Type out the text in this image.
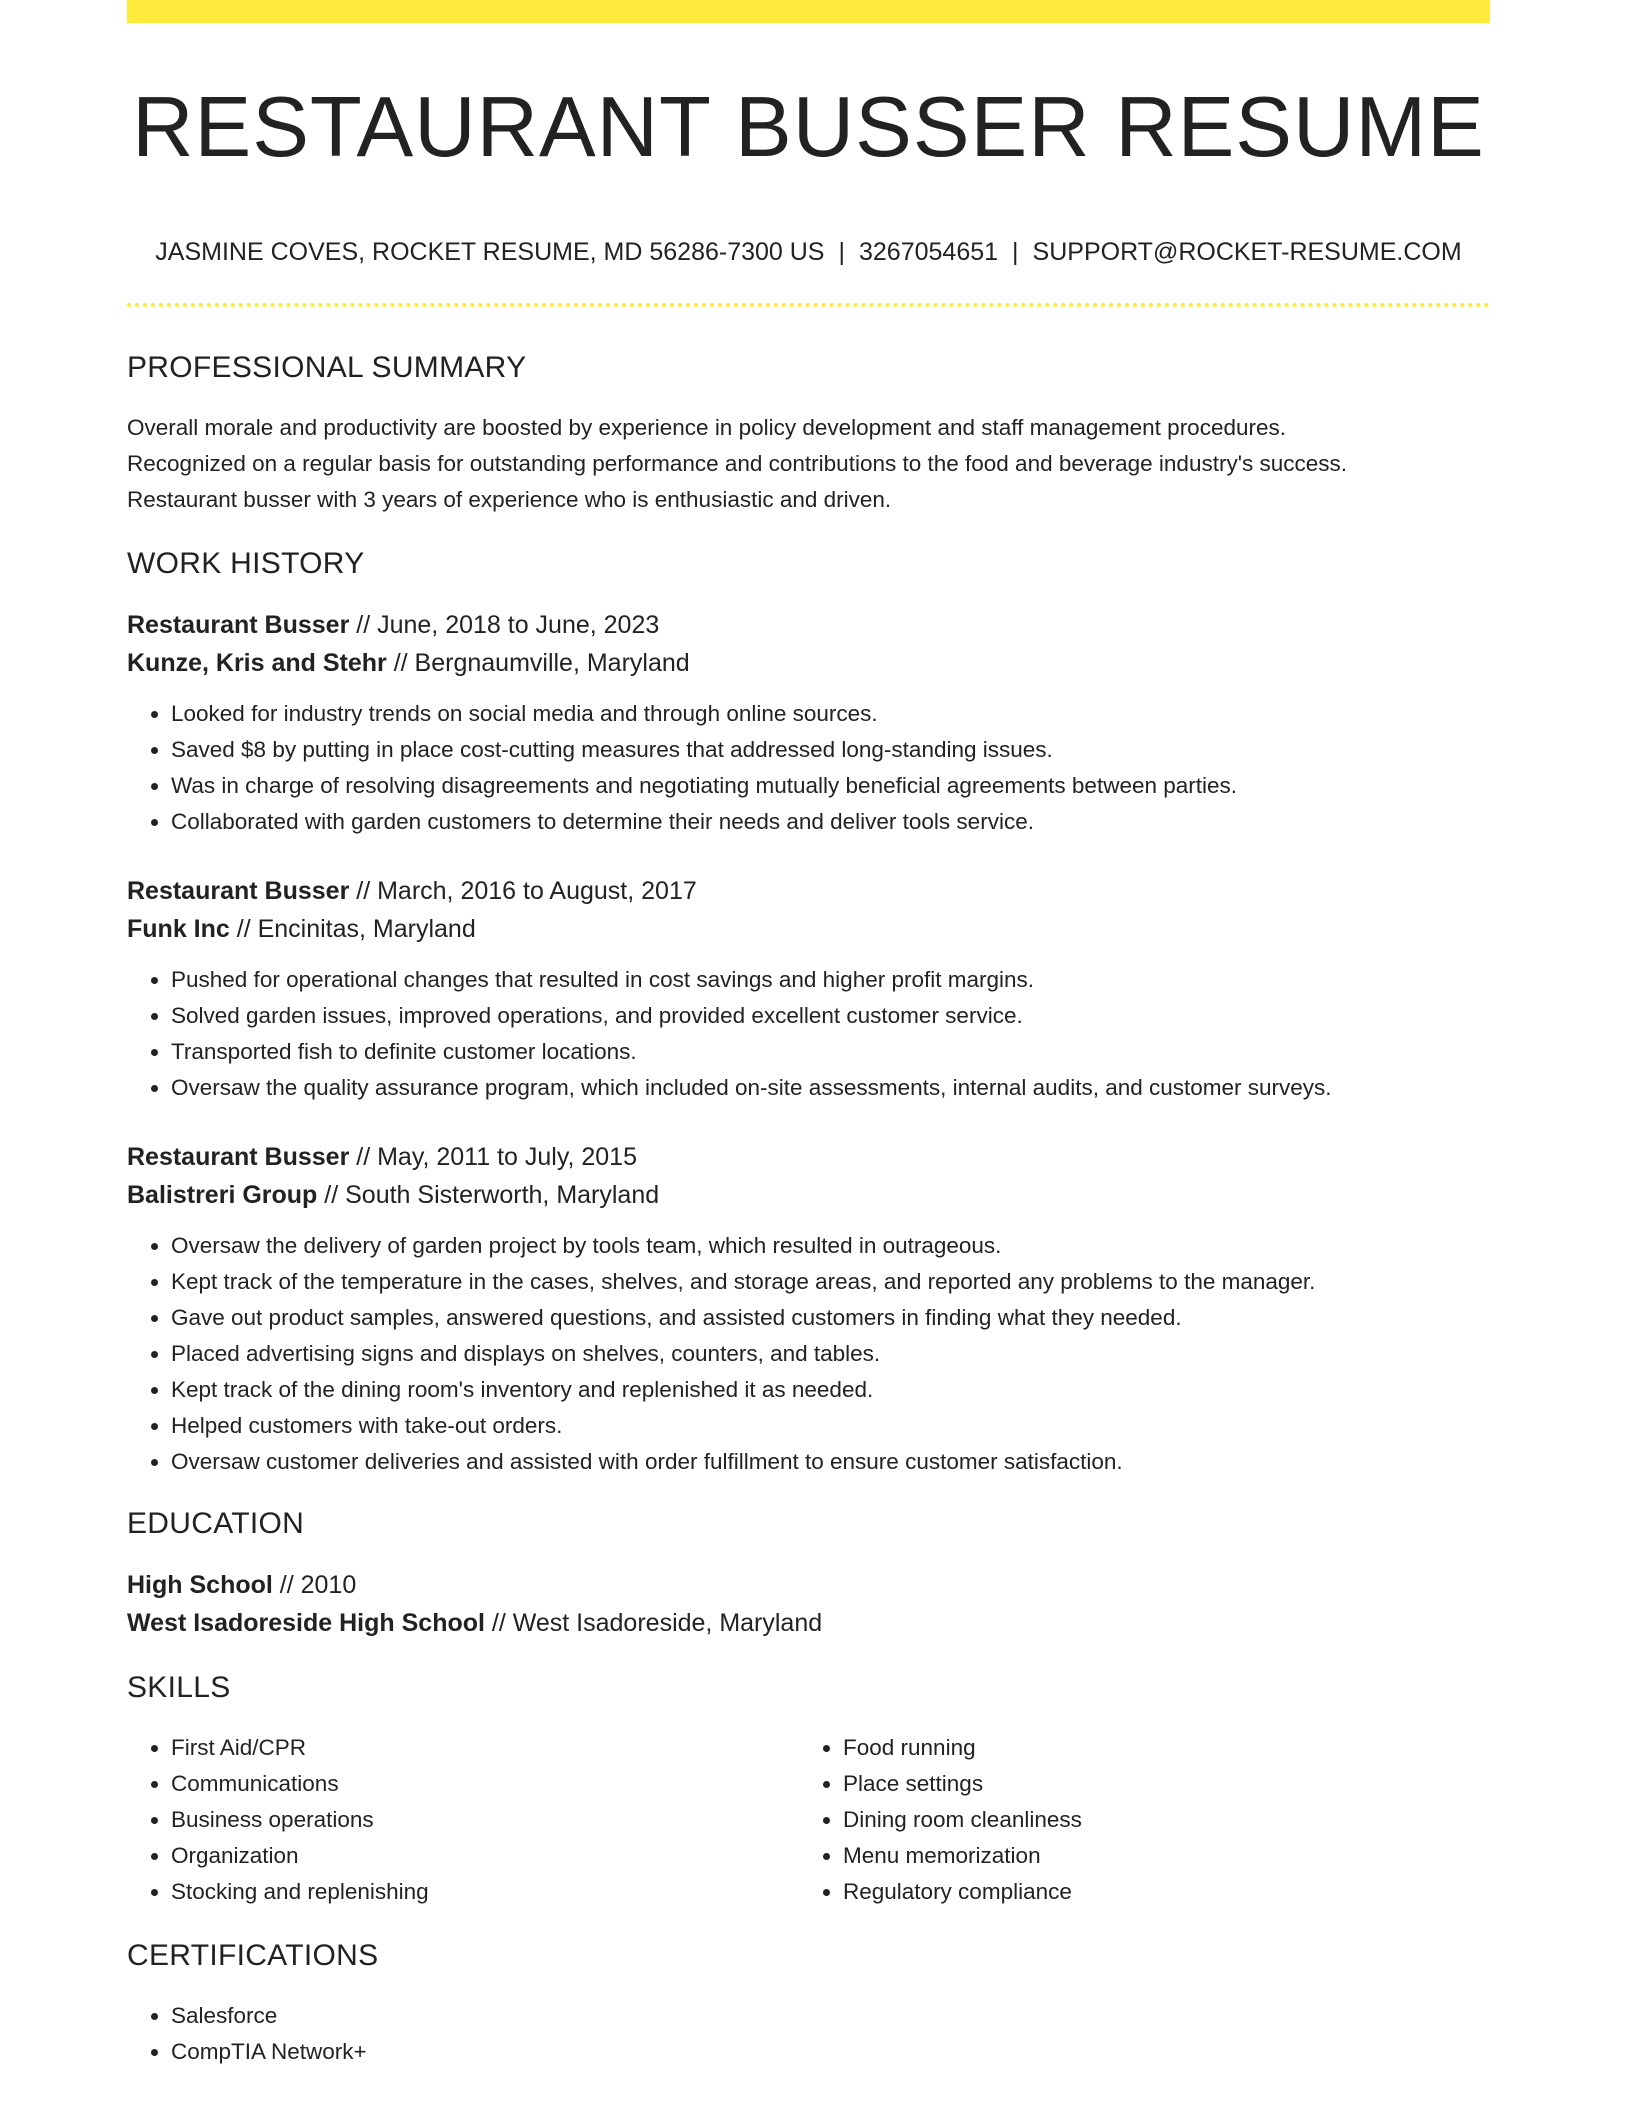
RESTAURANT BUSSER RESUME
JASMINE COVES, ROCKET RESUME, MD 56286-7300 US | 3267054651 | SUPPORT@ROCKET-RESUME.COM
PROFESSIONAL SUMMARY

Overall morale and productivity are boosted by experience in policy development and staff management procedures.

Recognized on a regular basis for outstanding performance and contributions to the food and beverage industry's success.

Restaurant busser with 3 years of experience who is enthusiastic and driven.

WORK HISTORY

Restaurant Busser // June, 2018 to June, 2023

Kunze, Kris and Stehr // Bergnaumville, Maryland

• Looked for industry trends on social media and through online sources.
• Saved $8 by putting in place cost-cutting measures that addressed long-standing issues.
• Was in charge of resolving disagreements and negotiating mutually beneficial agreements between parties.
• Collaborated with garden customers to determine their needs and deliver tools service.

Restaurant Busser // March, 2016 to August, 2017

Funk Inc // Encinitas, Maryland

• Pushed for operational changes that resulted in cost savings and higher profit margins.
• Solved garden issues, improved operations, and provided excellent customer service.
• Transported fish to definite customer locations.
• Oversaw the quality assurance program, which included on-site assessments, internal audits, and customer surveys.

Restaurant Busser // May, 2011 to July, 2015

Balistreri Group // South Sisterworth, Maryland

• Oversaw the delivery of garden project by tools team, which resulted in outrageous.
• Kept track of the temperature in the cases, shelves, and storage areas, and reported any problems to the manager.
• Gave out product samples, answered questions, and assisted customers in finding what they needed.
• Placed advertising signs and displays on shelves, counters, and tables.
• Kept track of the dining room's inventory and replenished it as needed.
• Helped customers with take-out orders.
• Oversaw customer deliveries and assisted with order fulfillment to ensure customer satisfaction.
EDUCATION

High School // 2010

West Isadoreside High School // West Isadoreside, Maryland

SKILLS
• First Aid/CPR
• Communications
• Business operations
• Organization
• Stocking and replenishing
• Food running
• Place settings
• Dining room cleanliness
• Menu memorization
• Regulatory compliance
CERTIFICATIONS
• Salesforce
• CompTIA Network+
